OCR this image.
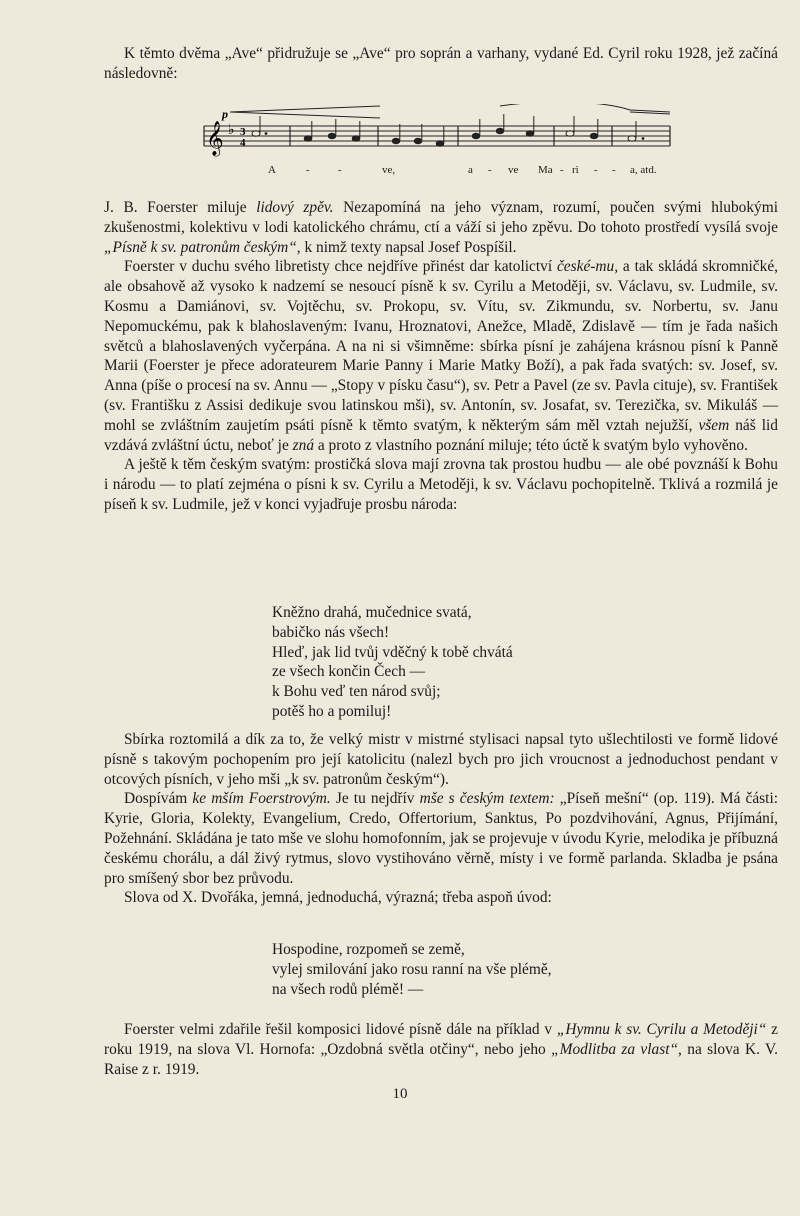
K těmto dvěma „Ave“ přidružuje se „Ave“ pro soprán a varhany, vydané Ed. Cyril roku 1928, jež začíná následovně:

p
𝄞 ♭ 3
4
A	-	-	ve,	a - ve Ma - ri - - a, atd.

J. B. Foerster miluje lidový zpěv. Nezapomíná na jeho význam, rozumí, poučen svými hlubokými zkušenostmi, kolektivu v lodi katolického chrámu, ctí a váží si jeho zpěvu. Do tohoto prostředí vysílá svoje „Písně k sv. patronům českým“, k nimž texty napsal Josef Pospíšil.

Foerster v duchu svého libretisty chce nejdříve přinést dar katolictví české-mu, a tak skládá skromničké, ale obsahově až vysoko k nadzemí se nesoucí písně k sv. Cyrilu a Metoději, sv. Václavu, sv. Ludmile, sv. Kosmu a Damiánovi, sv. Vojtěchu, sv. Prokopu, sv. Vítu, sv. Zikmundu, sv. Norbertu, sv. Janu Nepomuckému, pak k blahoslaveným: Ivanu, Hroznatovi, Anežce, Mladě, Zdislavě — tím je řada našich světců a blahoslavených vyčerpána. A na ni si všimněme: sbírka písní je zahájena krásnou písní k Panně Marii (Foerster je přece adorateurem Marie Panny i Marie Matky Boží), a pak řada svatých: sv. Josef, sv. Anna (píše o procesí na sv. Annu — „Stopy v písku času“), sv. Petr a Pavel (ze sv. Pavla cituje), sv. František (sv. Františku z Assisi dedikuje svou latinskou mši), sv. Antonín, sv. Josafat, sv. Terezička, sv. Mikuláš — mohl se zvláštním zaujetím psáti písně k těmto svatým, k některým sám měl vztah nejužší, všem náš lid vzdává zvláštní úctu, neboť je zná a proto z vlastního poznání miluje; této úctě k svatým bylo vyhověno.

A ještě k těm českým svatým: prostičká slova mají zrovna tak prostou hudbu — ale obé povznáší k Bohu i národu — to platí zejména o písni k sv. Cyrilu a Metoději, k sv. Václavu pochopitelně. Tklivá a rozmilá je píseň k sv. Ludmile, jež v konci vyjadřuje prosbu národa:

Kněžno drahá, mučednice svatá,
babičko nás všech!
Hleď, jak lid tvůj vděčný k tobě chvátá
ze všech končin Čech —
k Bohu veď ten národ svůj;
potěš ho a pomiluj!

Sbírka roztomilá a dík za to, že velký mistr v mistrné stylisaci napsal tyto ušlechtilosti ve formě lidové písně s takovým pochopením pro její katolicitu (nalezl bych pro jich vroucnost a jednoduchost pendant v otcových písních, v jeho mši „k sv. patronům českým“).

Dospívám ke mším Foerstrovým. Je tu nejdřív mše s českým textem: „Píseň mešní“ (op. 119). Má části: Kyrie, Gloria, Kolekty, Evangelium, Credo, Offertorium, Sanktus, Po pozdvihování, Agnus, Přijímání, Požehnání. Skládána je tato mše ve slohu homofonním, jak se projevuje v úvodu Kyrie, melodika je příbuzná českému chorálu, a dál živý rytmus, slovo vystihováno věrně, místy i ve formě parlanda. Skladba je psána pro smíšený sbor bez průvodu.

Slova od X. Dvořáka, jemná, jednoduchá, výrazná; třeba aspoň úvod:

Hospodine, rozpomeň se země,
vylej smilování jako rosu ranní na vše plémě,
na všech rodů plémě! —

Foerster velmi zdařile řešil komposici lidové písně dále na příklad v „Hymnu k sv. Cyrilu a Metoději“ z roku 1919, na slova Vl. Hornofa: „Ozdobná světla otčiny“, nebo jeho „Modlitba za vlast“, na slova K. V. Raise z r. 1919.

10
